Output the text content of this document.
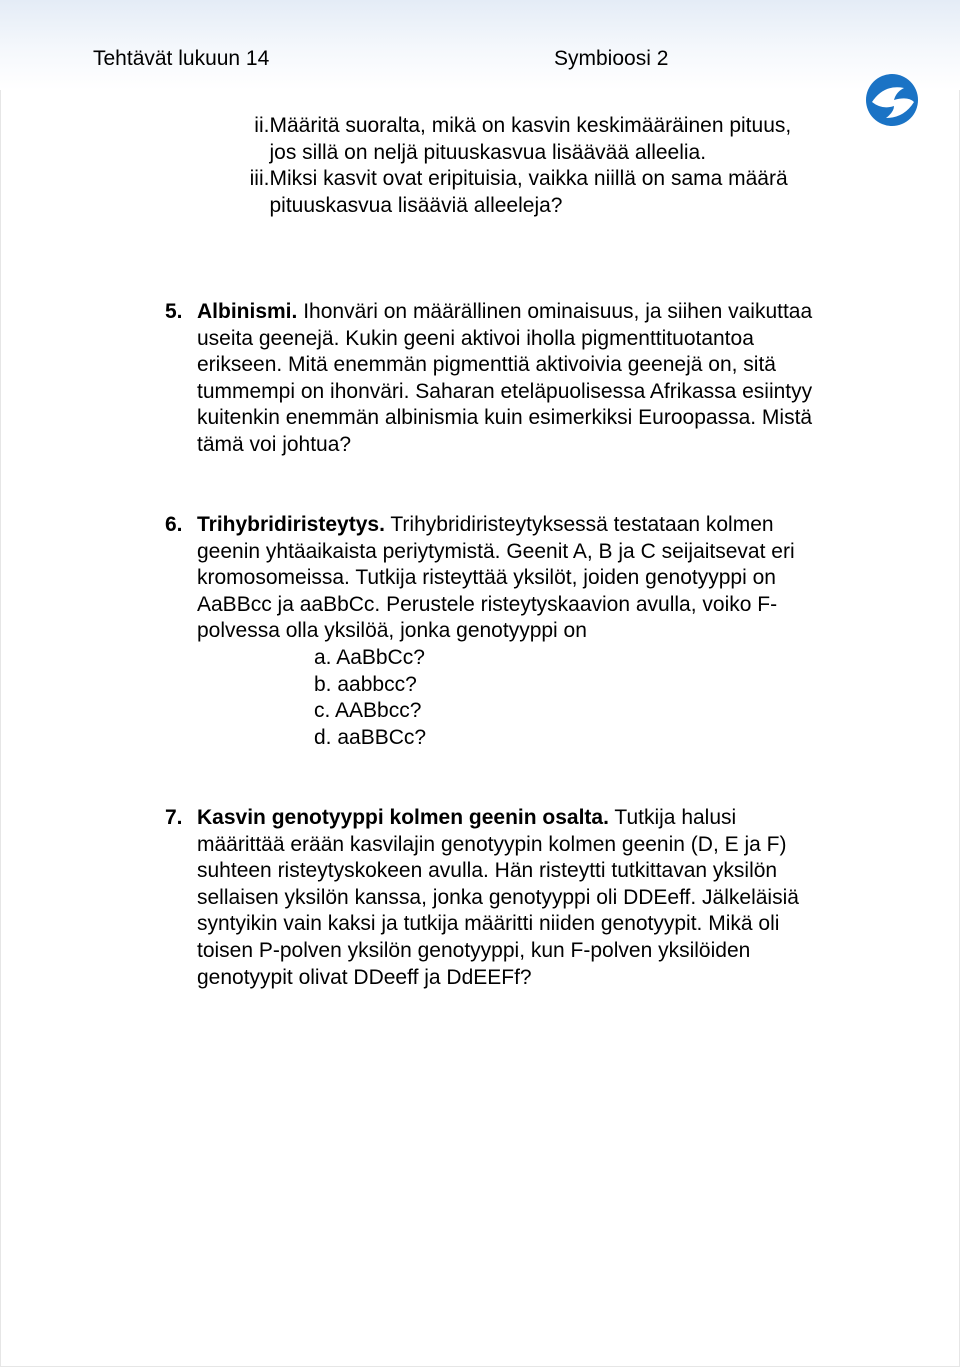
Tehtävät lukuun 14	Symbioosi 2
ii. Määritä suoralta, mikä on kasvin keskimääräinen pituus, jos sillä on neljä pituuskasvua lisäävää alleelia.
iii. Miksi kasvit ovat eripituisia, vaikka niillä on sama määrä pituuskasvua lisääviä alleeleja?
5. Albinismi. Ihonväri on määrällinen ominaisuus, ja siihen vaikuttaa useita geenejä. Kukin geeni aktivoi iholla pigmenttituotantoa erikseen. Mitä enemmän pigmenttiä aktivoivia geenejä on, sitä tummempi on ihonväri. Saharan eteläpuolisessa Afrikassa esiintyy kuitenkin enemmän albinismia kuin esimerkiksi Euroopassa. Mistä tämä voi johtua?
6. Trihybridiristeytys. Trihybridiristeytyksessä testataan kolmen geenin yhtäaikaista periytymistä. Geenit A, B ja C seijaitsevat eri kromosomeissa. Tutkija risteyttää yksilöt, joiden genotyyppi on AaBBcc ja aaBbCc. Perustele risteytyskaavion avulla, voiko F-polvessa olla yksilöä, jonka genotyyppi on
a. AaBbCc?
b. aabbcc?
c. AABbcc?
d. aaBBCc?
7. Kasvin genotyyppi kolmen geenin osalta. Tutkija halusi määrittää erään kasvilajin genotyypin kolmen geenin (D, E ja F) suhteen risteytyskokeen avulla. Hän risteytti tutkittavan yksilön sellaisen yksilön kanssa, jonka genotyyppi oli DDEeff. Jälkeläisiä syntyikin vain kaksi ja tutkija määritti niiden genotyypit. Mikä oli toisen P-polven yksilön genotyyppi, kun F-polven yksilöiden genotyypit olivat DDeeff ja DdEEFf?
